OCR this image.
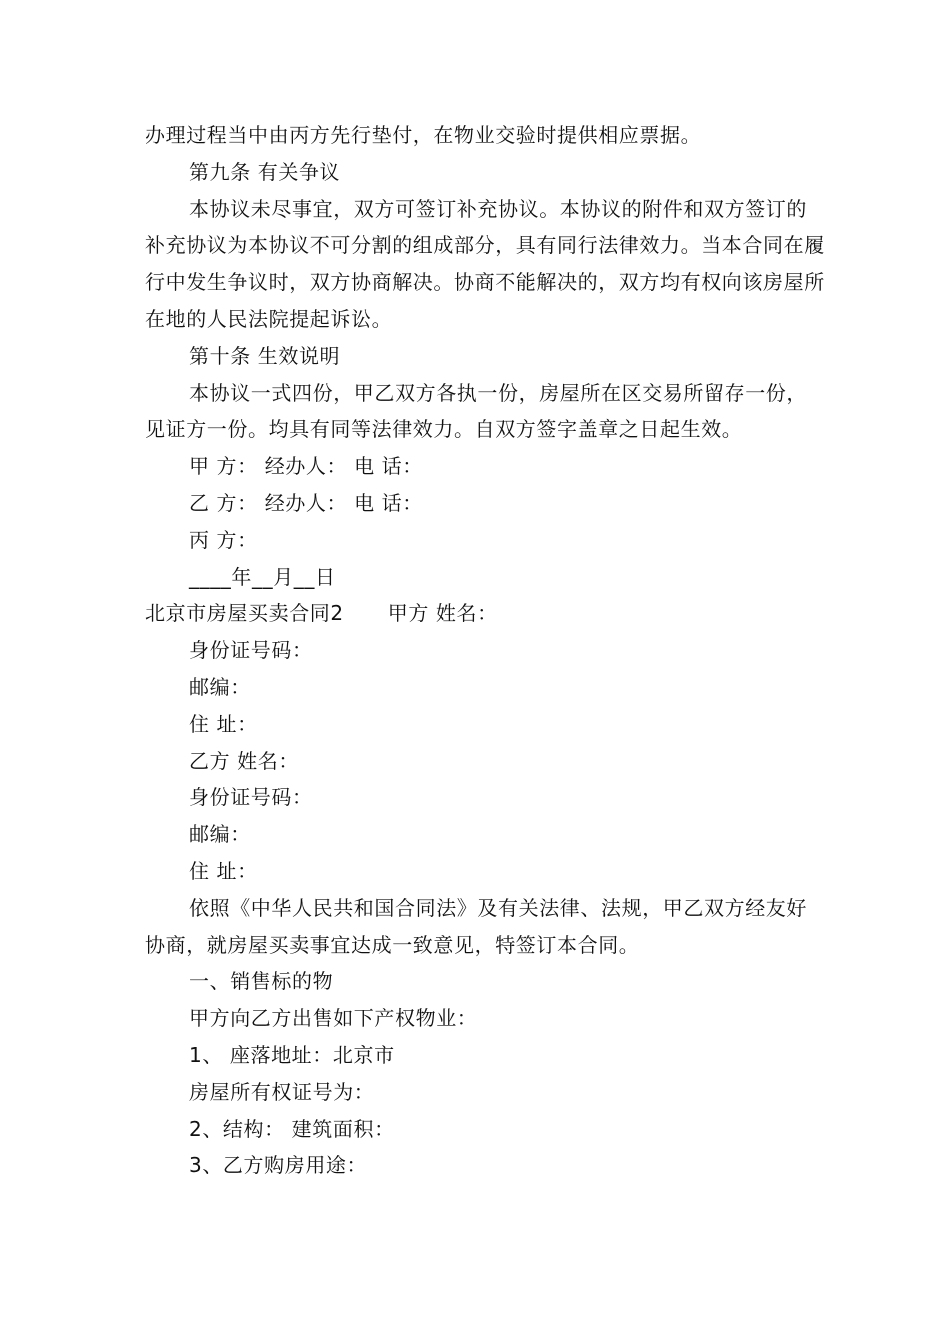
办理过程当中由丙方先行垫付，在物业交验时提供相应票据。

第九条 有关争议

本协议未尽事宜，双方可签订补充协议。本协议的附件和双方签订的补充协议为本协议不可分割的组成部分，具有同行法律效力。当本合同在履行中发生争议时，双方协商解决。协商不能解决的，双方均有权向该房屋所在地的人民法院提起诉讼。

第十条 生效说明

本协议一式四份，甲乙双方各执一份，房屋所在区交易所留存一份，见证方一份。均具有同等法律效力。自双方签字盖章之日起生效。

甲 方： 经办人： 电 话：

乙 方： 经办人： 电 话：

丙 方：

____年__月__日

北京市房屋买卖合同2 甲方 姓名：

身份证号码：

邮编：

住 址：

乙方 姓名：

身份证号码：

邮编：

住 址：

依照《中华人民共和国合同法》及有关法律、法规，甲乙双方经友好协商，就房屋买卖事宜达成一致意见，特签订本合同。

一、销售标的物

甲方向乙方出售如下产权物业：

1、 座落地址：北京市

房屋所有权证号为：

2、结构： 建筑面积：

3、乙方购房用途：
